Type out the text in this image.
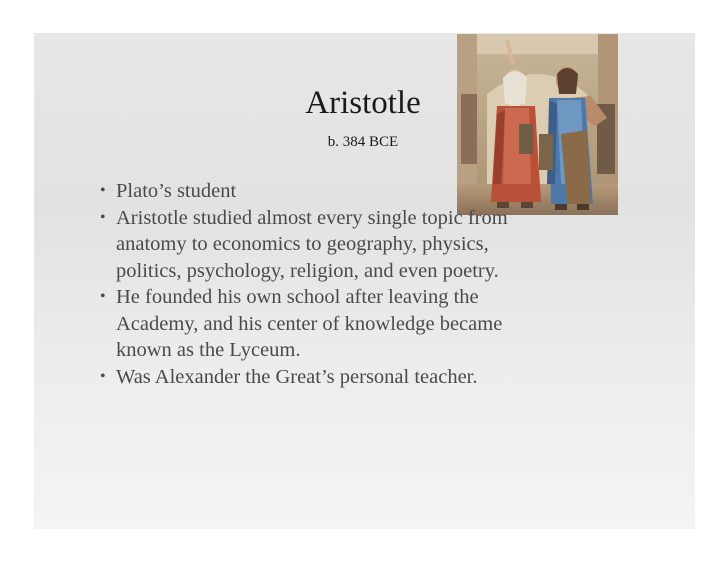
Aristotle
b. 384 BCE
• Plato’s student
• Aristotle studied almost every single topic from
anatomy to economics to geography, physics,
politics, psychology, religion, and even poetry.
• He founded his own school after leaving the
Academy, and his center of knowledge became
known as the Lyceum.
• Was Alexander the Great’s personal teacher.
